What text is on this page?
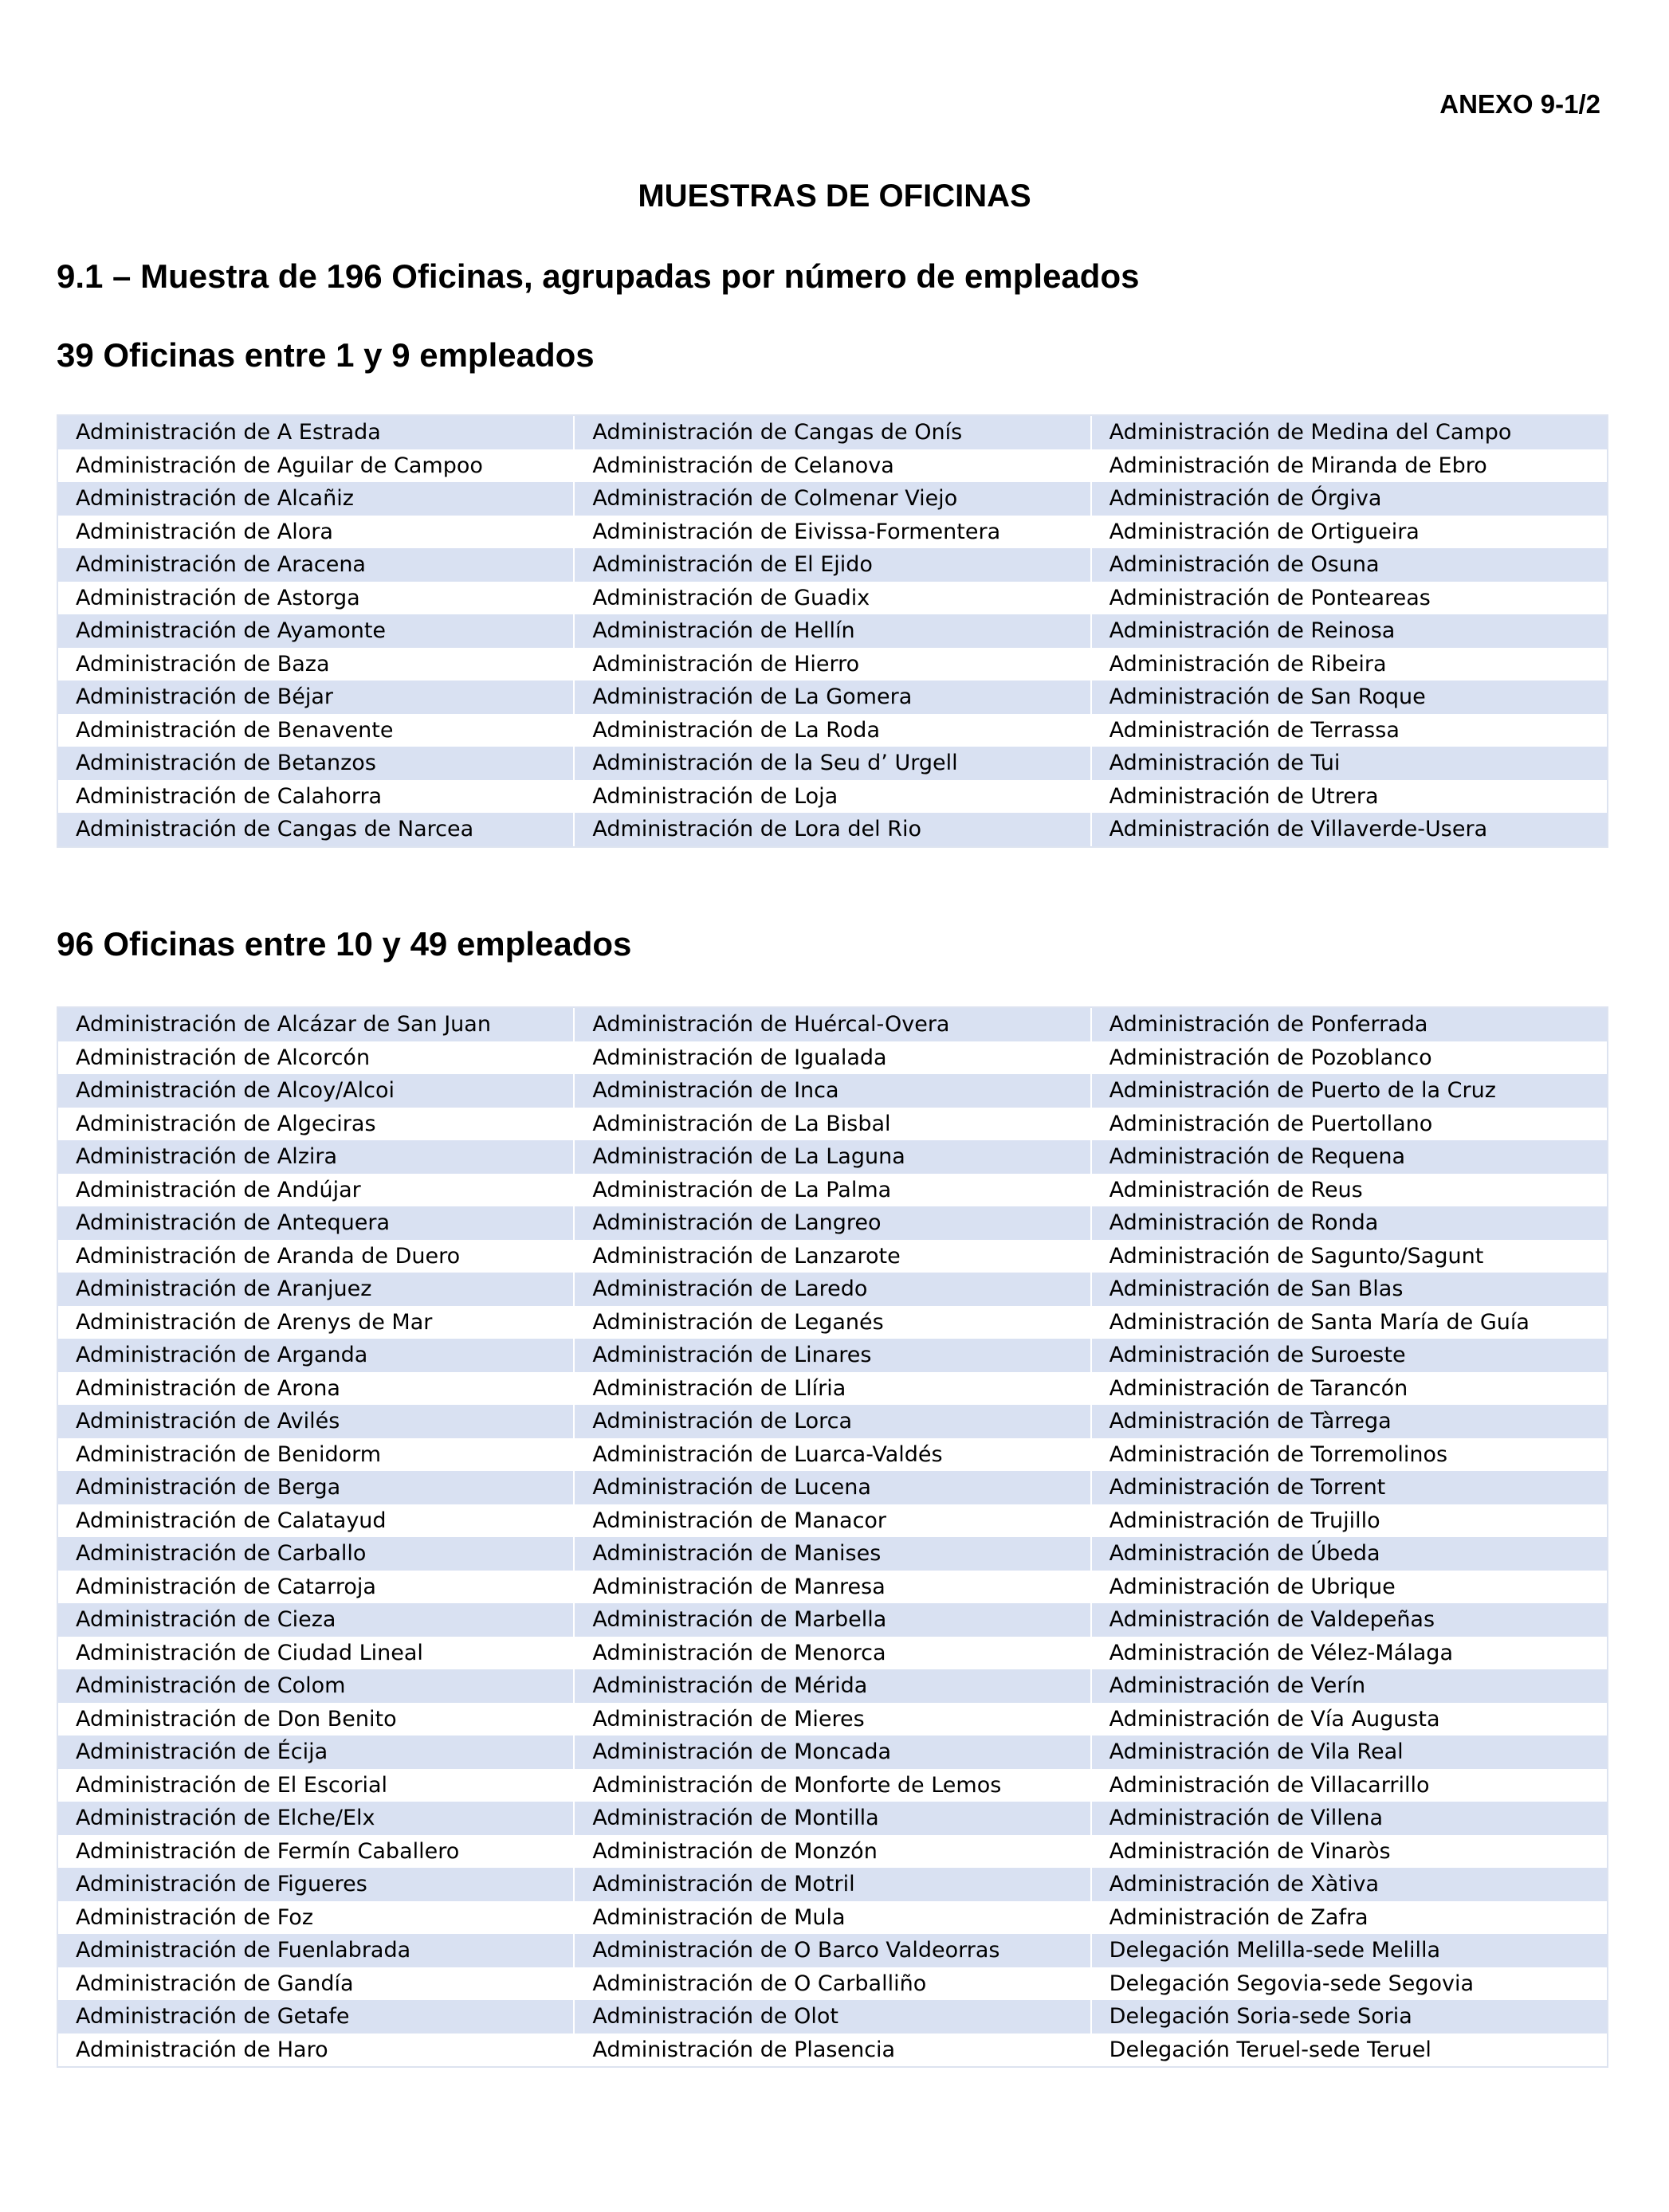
ANEXO 9-1/2
MUESTRAS DE OFICINAS
9.1 – Muestra de 196 Oficinas, agrupadas por número de empleados
39 Oficinas entre 1 y 9 empleados
Administración de A Estrada
Administración de Aguilar de Campoo
Administración de Alcañiz
Administración de Alora
Administración de Aracena
Administración de Astorga
Administración de Ayamonte
Administración de Baza
Administración de Béjar
Administración de Benavente
Administración de Betanzos
Administración de Calahorra
Administración de Cangas de Narcea
Administración de Cangas de Onís
Administración de Celanova
Administración de Colmenar Viejo
Administración de Eivissa-Formentera
Administración de El Ejido
Administración de Guadix
Administración de Hellín
Administración de Hierro
Administración de La Gomera
Administración de La Roda
Administración de la Seu d’ Urgell
Administración de Loja
Administración de Lora del Rio
Administración de Medina del Campo
Administración de Miranda de Ebro
Administración de Órgiva
Administración de Ortigueira
Administración de Osuna
Administración de Ponteareas
Administración de Reinosa
Administración de Ribeira
Administración de San Roque
Administración de Terrassa
Administración de Tui
Administración de Utrera
Administración de Villaverde-Usera
96 Oficinas entre 10 y 49 empleados
Administración de Alcázar de San Juan
Administración de Alcorcón
Administración de Alcoy/Alcoi
Administración de Algeciras
Administración de Alzira
Administración de Andújar
Administración de Antequera
Administración de Aranda de Duero
Administración de Aranjuez
Administración de Arenys de Mar
Administración de Arganda
Administración de Arona
Administración de Avilés
Administración de Benidorm
Administración de Berga
Administración de Calatayud
Administración de Carballo
Administración de Catarroja
Administración de Cieza
Administración de Ciudad Lineal
Administración de Colom
Administración de Don Benito
Administración de Écija
Administración de El Escorial
Administración de Elche/Elx
Administración de Fermín Caballero
Administración de Figueres
Administración de Foz
Administración de Fuenlabrada
Administración de Gandía
Administración de Getafe
Administración de Haro
Administración de Huércal-Overa
Administración de Igualada
Administración de Inca
Administración de La Bisbal
Administración de La Laguna
Administración de La Palma
Administración de Langreo
Administración de Lanzarote
Administración de Laredo
Administración de Leganés
Administración de Linares
Administración de Llíria
Administración de Lorca
Administración de Luarca-Valdés
Administración de Lucena
Administración de Manacor
Administración de Manises
Administración de Manresa
Administración de Marbella
Administración de Menorca
Administración de Mérida
Administración de Mieres
Administración de Moncada
Administración de Monforte de Lemos
Administración de Montilla
Administración de Monzón
Administración de Motril
Administración de Mula
Administración de O Barco Valdeorras
Administración de O Carballiño
Administración de Olot
Administración de Plasencia
Administración de Ponferrada
Administración de Pozoblanco
Administración de Puerto de la Cruz
Administración de Puertollano
Administración de Requena
Administración de Reus
Administración de Ronda
Administración de Sagunto/Sagunt
Administración de San Blas
Administración de Santa María de Guía
Administración de Suroeste
Administración de Tarancón
Administración de Tàrrega
Administración de Torremolinos
Administración de Torrent
Administración de Trujillo
Administración de Úbeda
Administración de Ubrique
Administración de Valdepeñas
Administración de Vélez-Málaga
Administración de Verín
Administración de Vía Augusta
Administración de Vila Real
Administración de Villacarrillo
Administración de Villena
Administración de Vinaròs
Administración de Xàtiva
Administración de Zafra
Delegación Melilla-sede Melilla
Delegación Segovia-sede Segovia
Delegación Soria-sede Soria
Delegación Teruel-sede Teruel
